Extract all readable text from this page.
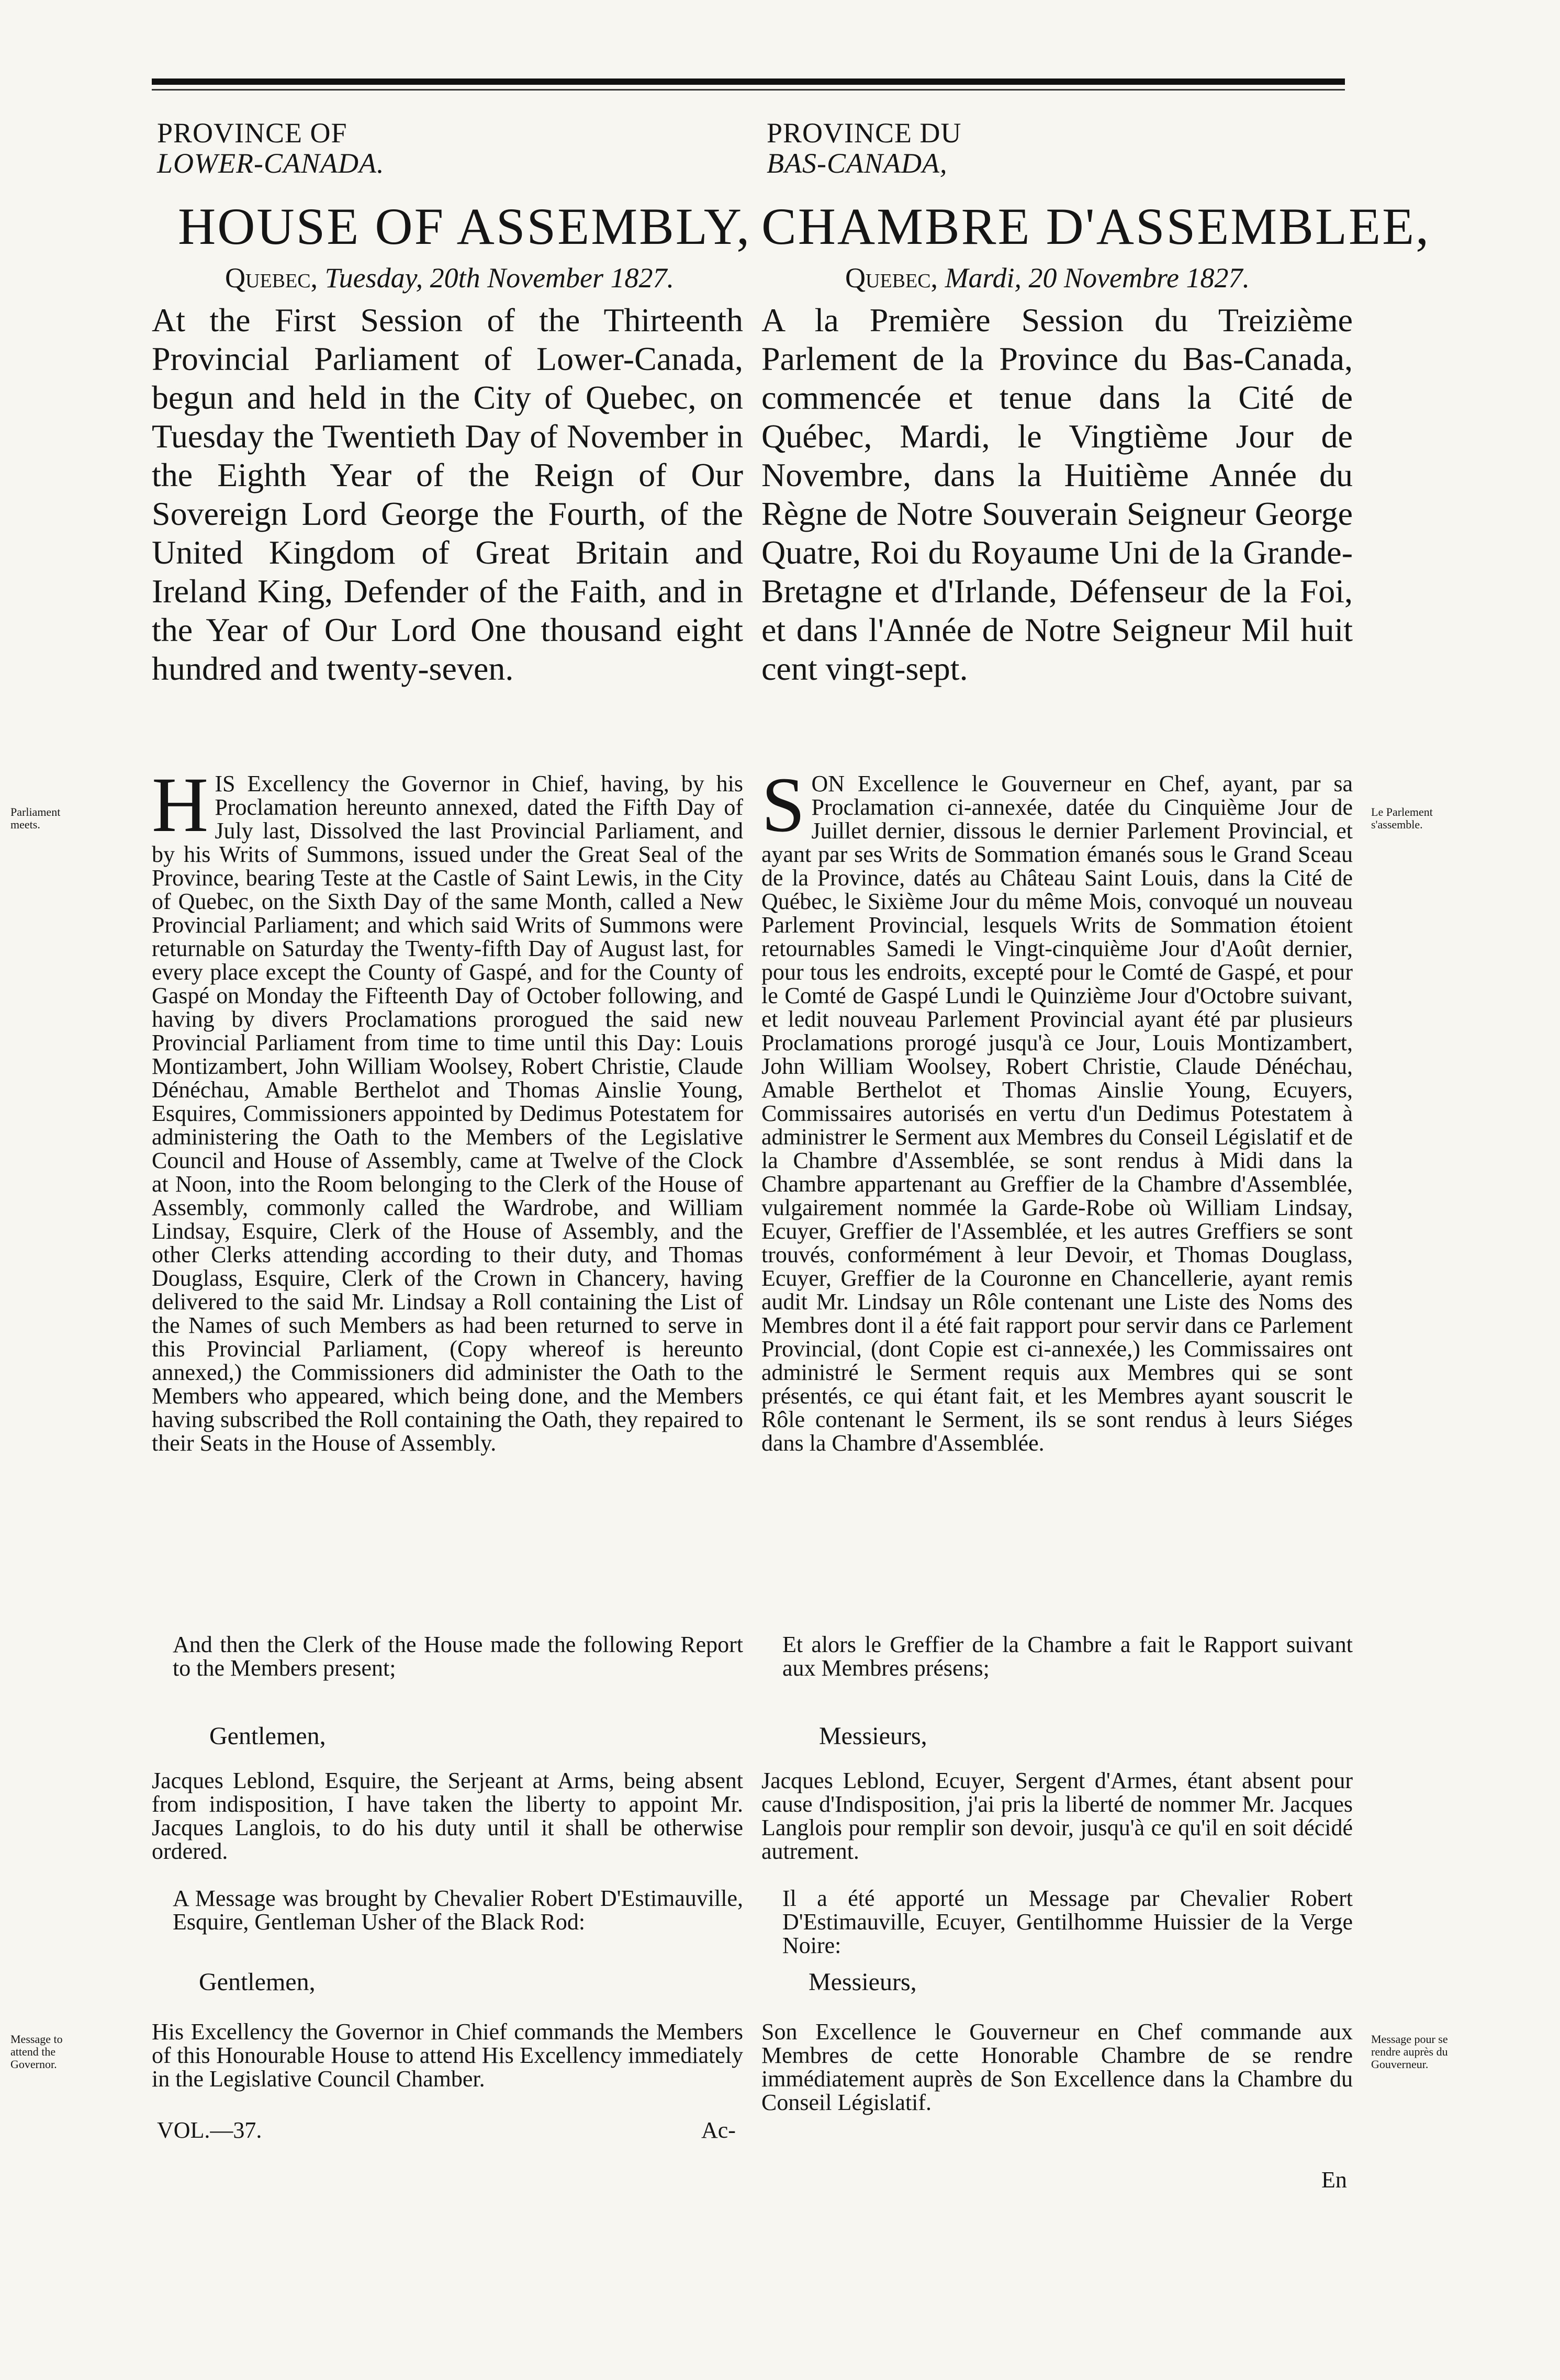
PROVINCE OF
LOWER-CANADA.
HOUSE OF ASSEMBLY,
Quebec, Tuesday, 20th November 1827.
At the First Session of the Thirteenth Provincial Parliament of Lower-Canada, begun and held in the City of Quebec, on Tuesday the Twentieth Day of November in the Eighth Year of the Reign of Our Sovereign Lord George the Fourth, of the United Kingdom of Great Britain and Ireland King, Defender of the Faith, and in the Year of Our Lord One thousand eight hundred and twenty-seven.
H IS Excellency the Governor in Chief, having, by his Proclamation hereunto annexed, dated the Fifth Day of July last, Dissolved the last Provincial Parliament, and by his Writs of Summons, issued under the Great Seal of the Province, bearing Teste at the Castle of Saint Lewis, in the City of Quebec, on the Sixth Day of the same Month, called a New Provincial Parliament; and which said Writs of Summons were returnable on Saturday the Twenty-fifth Day of August last, for every place except the County of Gaspé, and for the County of Gaspé on Monday the Fifteenth Day of October following, and having by divers Proclamations prorogued the said new Provincial Parliament from time to time until this Day: Louis Montizambert, John William Woolsey, Robert Christie, Claude Dénéchau, Amable Berthelot and Thomas Ainslie Young, Esquires, Commissioners appointed by Dedimus Potestatem for administering the Oath to the Members of the Legislative Council and House of Assembly, came at Twelve of the Clock at Noon, into the Room belonging to the Clerk of the House of Assembly, commonly called the Wardrobe, and William Lindsay, Esquire, Clerk of the House of Assembly, and the other Clerks attending according to their duty, and Thomas Douglass, Esquire, Clerk of the Crown in Chancery, having delivered to the said Mr. Lindsay a Roll containing the List of the Names of such Members as had been returned to serve in this Provincial Parliament, (Copy whereof is hereunto annexed,) the Commissioners did administer the Oath to the Members who appeared, which being done, and the Members having subscribed the Roll containing the Oath, they repaired to their Seats in the House of Assembly.
And then the Clerk of the House made the following Report to the Members present;
Gentlemen,
Jacques Leblond, Esquire, the Serjeant at Arms, being absent from indisposition, I have taken the liberty to appoint Mr. Jacques Langlois, to do his duty until it shall be otherwise ordered.
A Message was brought by Chevalier Robert D'Estimauville, Esquire, Gentleman Usher of the Black Rod:
Gentlemen,
His Excellency the Governor in Chief commands the Members of this Honourable House to attend His Excellency immediately in the Legislative Council Chamber.
VOL.—37.	Ac-
PROVINCE DU
BAS-CANADA,
CHAMBRE D'ASSEMBLEE,
Quebec, Mardi, 20 Novembre 1827.
A la Première Session du Treizième Parlement de la Province du Bas-Canada, commencée et tenue dans la Cité de Québec, Mardi, le Vingtième Jour de Novembre, dans la Huitième Année du Règne de Notre Souverain Seigneur George Quatre, Roi du Royaume Uni de la Grande-Bretagne et d'Irlande, Défenseur de la Foi, et dans l'Année de Notre Seigneur Mil huit cent vingt-sept.
S ON Excellence le Gouverneur en Chef, ayant, par sa Proclamation ci-annexée, datée du Cinquième Jour de Juillet dernier, dissous le dernier Parlement Provincial, et ayant par ses Writs de Sommation émanés sous le Grand Sceau de la Province, datés au Château Saint Louis, dans la Cité de Québec, le Sixième Jour du même Mois, convoqué un nouveau Parlement Provincial, lesquels Writs de Sommation étoient retournables Samedi le Vingt-cinquième Jour d'Août dernier, pour tous les endroits, excepté pour le Comté de Gaspé, et pour le Comté de Gaspé Lundi le Quinzième Jour d'Octobre suivant, et ledit nouveau Parlement Provincial ayant été par plusieurs Proclamations prorogé jusqu'à ce Jour, Louis Montizambert, John William Woolsey, Robert Christie, Claude Dénéchau, Amable Berthelot et Thomas Ainslie Young, Ecuyers, Commissaires autorisés en vertu d'un Dedimus Potestatem à administrer le Serment aux Membres du Conseil Législatif et de la Chambre d'Assemblée, se sont rendus à Midi dans la Chambre appartenant au Greffier de la Chambre d'Assemblée, vulgairement nommée la Garde-Robe où William Lindsay, Ecuyer, Greffier de l'Assemblée, et les autres Greffiers se sont trouvés, conformément à leur Devoir, et Thomas Douglass, Ecuyer, Greffier de la Couronne en Chancellerie, ayant remis audit Mr. Lindsay un Rôle contenant une Liste des Noms des Membres dont il a été fait rapport pour servir dans ce Parlement Provincial, (dont Copie est ci-annexée,) les Commissaires ont administré le Serment requis aux Membres qui se sont présentés, ce qui étant fait, et les Membres ayant souscrit le Rôle contenant le Serment, ils se sont rendus à leurs Siéges dans la Chambre d'Assemblée.
Et alors le Greffier de la Chambre a fait le Rapport suivant aux Membres présens;
Messieurs,
Jacques Leblond, Ecuyer, Sergent d'Armes, étant absent pour cause d'Indisposition, j'ai pris la liberté de nommer Mr. Jacques Langlois pour remplir son devoir, jusqu'à ce qu'il en soit décidé autrement.
Il a été apporté un Message par Chevalier Robert D'Estimauville, Ecuyer, Gentilhomme Huissier de la Verge Noire:
Messieurs,
Son Excellence le Gouverneur en Chef commande aux Membres de cette Honorable Chambre de se rendre immédiatement auprès de Son Excellence dans la Chambre du Conseil Législatif.
En
Parliament meets.
Message to attend the Governor.
Le Parlement s'assemble.
Message pour se rendre auprès du Gouverneur.
